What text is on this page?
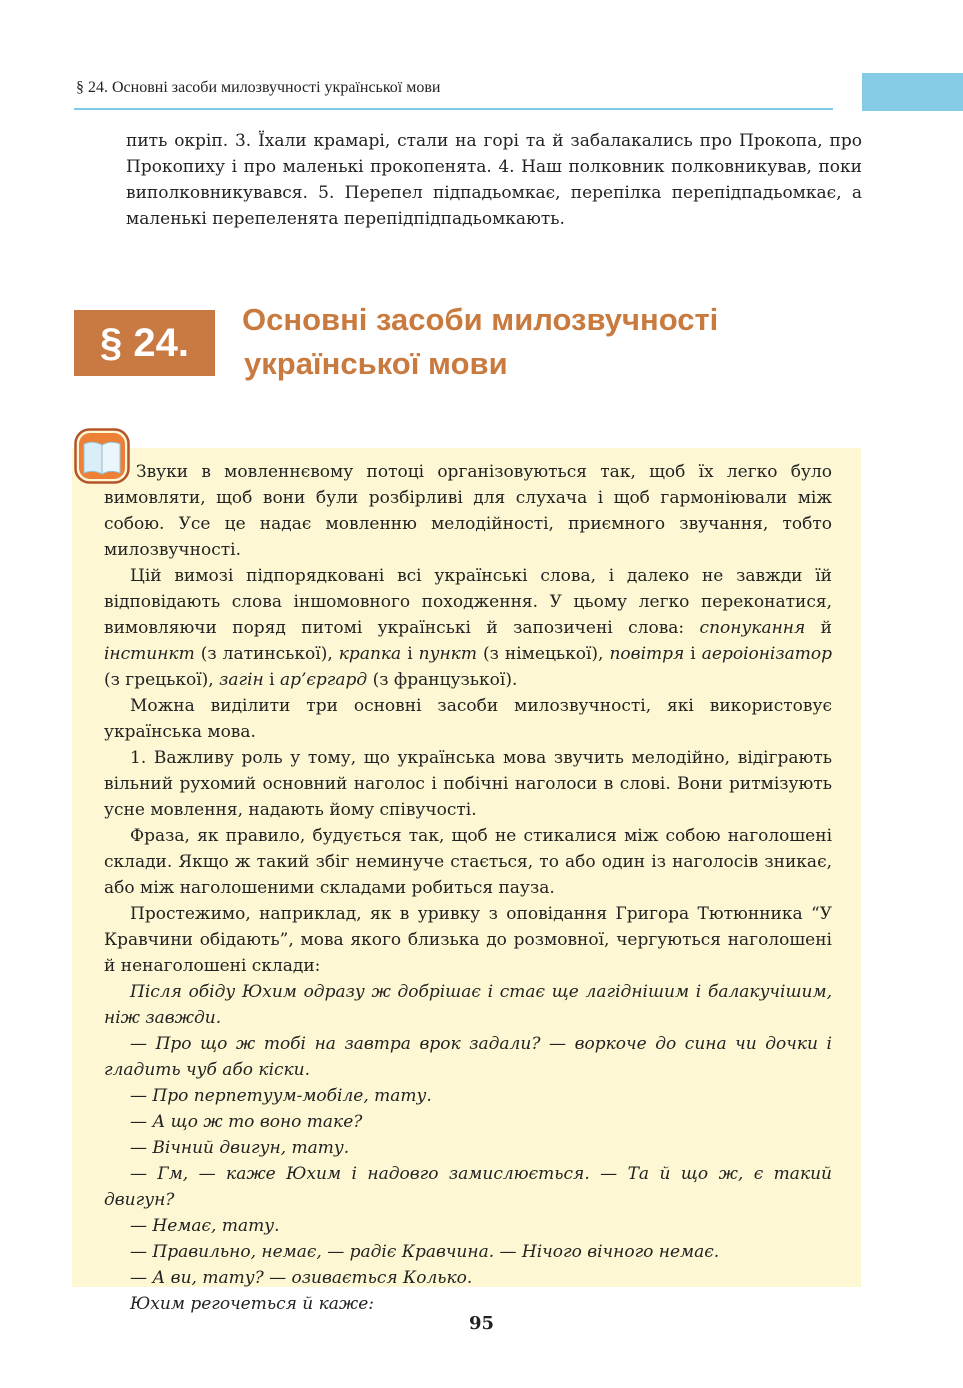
§ 24. Основні засоби милозвучності української мови

пить окріп. 3. Їхали крамарі, стали на горі та й забалакались про Прокопа, про Прокопиху і про маленькі прокопенята. 4. Наш полковник полковникував, поки виполковникувався. 5. Перепел підпадьомкає, перепілка перепідпадьомкає, а маленькі перепеленята перепідпідпадьомкають.

§ 24.
Основні засоби милозвучності
української мови

Звуки в мовленнєвому потоці організовуються так, щоб їх легко було вимовляти, щоб вони були розбірливі для слухача і щоб гармоніювали між собою. Усе це надає мовленню мелодійності, приємного звучання, тобто милозвучності.

Цій вимозі підпорядковані всі українські слова, і далеко не завжди їй відповідають слова іншомовного походження. У цьому легко переконатися, вимовляючи поряд питомі українські й запозичені слова: спонукання й інстинкт (з латинської), крапка і пункт (з німецької), повітря і аероіонізатор (з грецької), загін і ар’єргард (з французької).

Можна виділити три основні засоби милозвучності, які використовує українська мова.

1. Важливу роль у тому, що українська мова звучить мелодійно, відіграють вільний рухомий основний наголос і побічні наголоси в слові. Вони ритмізують усне мовлення, надають йому співучості.

Фраза, як правило, будується так, щоб не стикалися між собою наголошені склади. Якщо ж такий збіг неминуче стається, то або один із наголосів зникає, або між наголошеними складами робиться пауза.

Простежимо, наприклад, як в уривку з оповідання Григора Тютюнника “У Кравчини обідають”, мова якого близька до розмовної, чергуються наголошені й ненаголошені склади:

Після обіду Юхим одразу ж добрішає і стає ще лагіднішим і балакучішим, ніж завжди.

— Про що ж тобі на завтра врок задали? — воркоче до сина чи дочки і гладить чуб або кіски.

— Про перпетуум-мобіле, тату.

— А що ж то воно таке?

— Вічний двигун, тату.

— Гм, — каже Юхим і надовго замислюється. — Та й що ж, є такий двигун?

— Немає, тату.

— Правильно, немає, — радіє Кравчина. — Нічого вічного немає.

— А ви, тату? — озивається Колько.

Юхим регочеться й каже:

95
